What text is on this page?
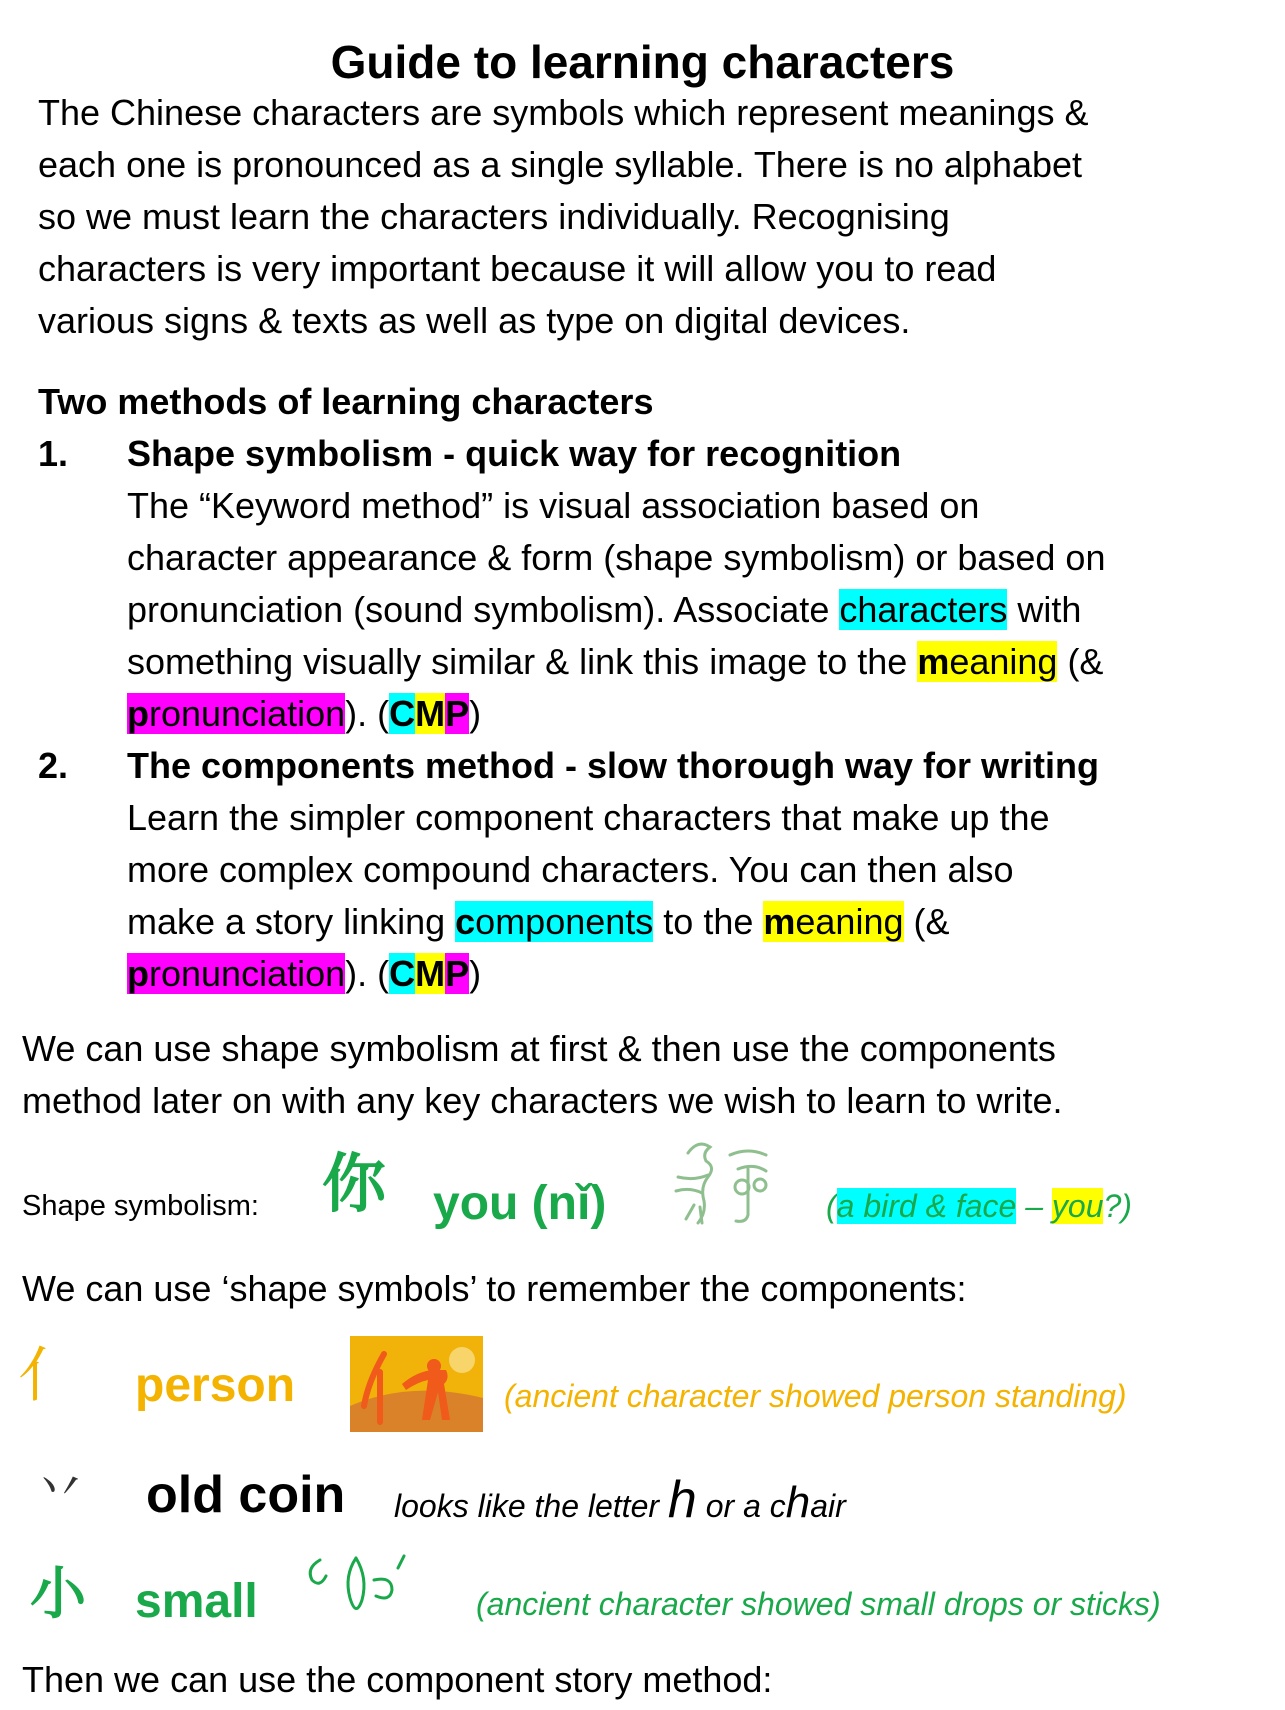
Guide to learning characters
The Chinese characters are symbols which represent meanings &
each one is pronounced as a single syllable. There is no alphabet
so we must learn the characters individually. Recognising
characters is very important because it will allow you to read
various signs & texts as well as type on digital devices.
Two methods of learning characters
1. Shape symbolism - quick way for recognition
The “Keyword method” is visual association based on
character appearance & form (shape symbolism) or based on
pronunciation (sound symbolism). Associate characters with
something visually similar & link this image to the meaning (&
pronunciation). (CMP)
2. The components method - slow thorough way for writing
Learn the simpler component characters that make up the
more complex compound characters. You can then also
make a story linking components to the meaning (&
pronunciation). (CMP)
We can use shape symbolism at first & then use the components
method later on with any key characters we wish to learn to write.
Shape symbolism: 你 you (nǐ)	(a bird & face – you?)
We can use ‘shape symbols’ to remember the components:
亻 person	(ancient character showed person standing)
丷 old coin looks like the letter h or a chair
小 small	(ancient character showed small drops or sticks)
Then we can use the component story method:
